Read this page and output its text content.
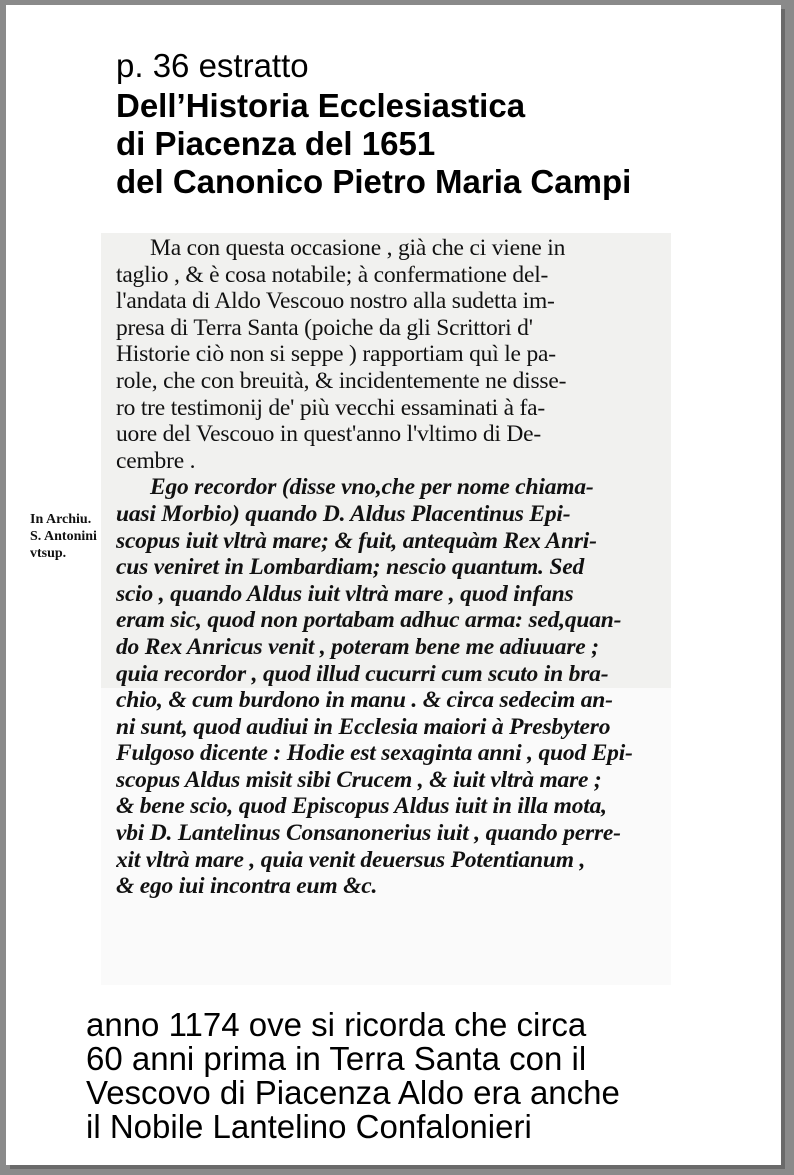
p. 36 estratto
Dell’Historia Ecclesiastica
di Piacenza del 1651
del Canonico Pietro Maria Campi
In Archiu.
S. Antonini
vtsup.
Ma con questa occasione , già che ci viene in
taglio , & è cosa notabile; à confermatione del-
l'andata di Aldo Vescouo nostro alla sudetta im-
presa di Terra Santa (poiche da gli Scrittori d'
Historie ciò non si seppe ) rapportiam quì le pa-
role, che con breuità, & incidentemente ne disse-
ro tre testimonij de' più vecchi essaminati à fa-
uore del Vescouo in quest'anno l'vltimo di De-
cembre .
Ego recordor (disse vno,che per nome chiama-
uasi Morbio) quando D. Aldus Placentinus Epi-
scopus iuit vltrà mare; & fuit, antequàm Rex Anri-
cus veniret in Lombardiam; nescio quantum. Sed
scio , quando Aldus iuit vltrà mare , quod infans
eram sic, quod non portabam adhuc arma: sed,quan-
do Rex Anricus venit , poteram bene me adiuuare ;
quia recordor , quod illud cucurri cum scuto in bra-
chio, & cum burdono in manu . & circa sedecim an-
ni sunt, quod audiui in Ecclesia maiori à Presbytero
Fulgoso dicente : Hodie est sexaginta anni , quod Epi-
scopus Aldus misit sibi Crucem , & iuit vltrà mare ;
& bene scio, quod Episcopus Aldus iuit in illa mota,
vbi D. Lantelinus Consanonerius iuit , quando perre-
xit vltrà mare , quia venit deuersus Potentianum ,
& ego iui incontra eum &c.
anno 1174 ove si ricorda che circa
60 anni prima in Terra Santa con il
Vescovo di Piacenza Aldo era anche
il Nobile Lantelino Confalonieri
